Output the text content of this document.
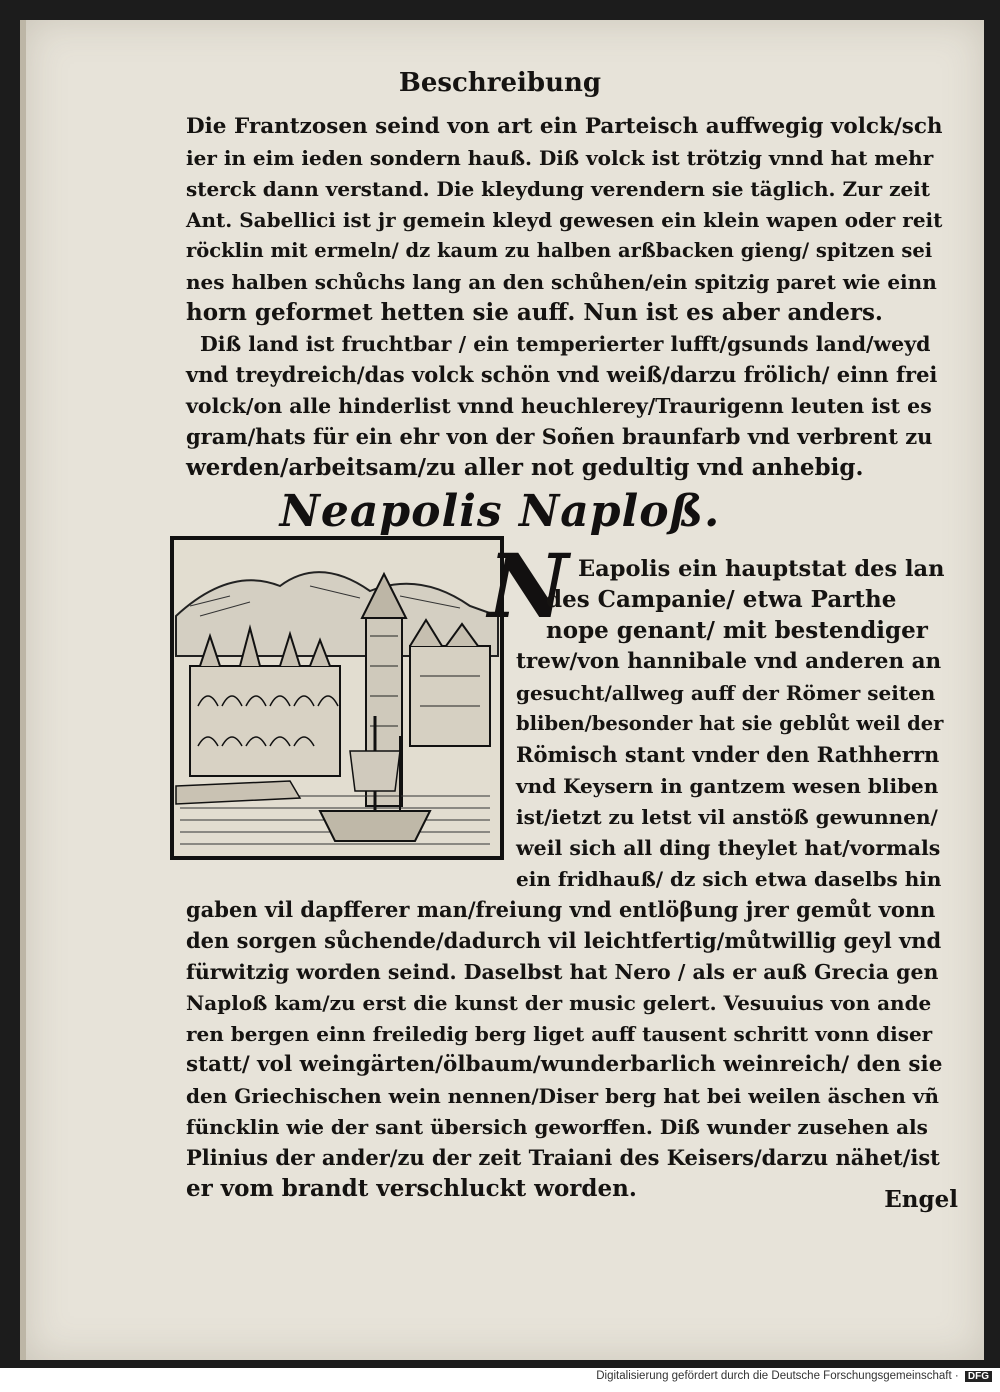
Beschreibung
Die Frantzosen seind von art ein Parteisch auffwegig volck/sch
ier in eim ieden sondern hauß. Diß volck ist trötzig vnnd hat mehr
sterck dann verstand. Die kleydung verendern sie täglich. Zur zeit
Ant. Sabellici ist jr gemein kleyd gewesen ein klein wapen oder reit
röcklin mit ermeln/ dz kaum zu halben arßbacken gieng/ spitzen sei
nes halben schůchs lang an den schůhen/ein spitzig paret wie einn
horn geformet hetten sie auff. Nun ist es aber anders.
Diß land ist fruchtbar / ein temperierter lufft/gsunds land/weyd
vnd treydreich/das volck schön vnd weiß/darzu frölich/ einn frei
volck/on alle hinderlist vnnd heuchlerey/Traurigenn leuten ist es
gram/hats für ein ehr von der Soñen braunfarb vnd verbrent zu
werden/arbeitsam/zu aller not gedultig vnd anhebig.
Neapolis Naploß.
N Eapolis ein hauptstat des lan
des Campanie/ etwa Parthe
nope genant/ mit bestendiger
trew/von hannibale vnd anderen an
gesucht/allweg auff der Römer seiten
bliben/besonder hat sie geblůt weil der
Römisch stant vnder den Rathherrn
vnd Keysern in gantzem wesen bliben
ist/ietzt zu letst vil anstöß gewunnen/
weil sich all ding theylet hat/vormals
ein fridhauß/ dz sich etwa daselbs hin
gaben vil dapfferer man/freiung vnd entlöβung jrer gemůt vonn
den sorgen sůchende/dadurch vil leichtfertig/můtwillig geyl vnd
fürwitzig worden seind. Daselbst hat Nero / als er auß Grecia gen
Naploß kam/zu erst die kunst der music gelert. Vesuuius von ande
ren bergen einn freiledig berg liget auff tausent schritt vonn diser
statt/ vol weingärten/ölbaum/wunderbarlich weinreich/ den sie
den Griechischen wein nennen/Diser berg hat bei weilen äschen vñ
füncklin wie der sant übersich geworffen. Diß wunder zusehen als
Plinius der ander/zu der zeit Traiani des Keisers/darzu nähet/ist
er vom brandt verschluckt worden.	Engel
Digitalisierung gefördert durch die Deutsche Forschungsgemeinschaft · DFG
